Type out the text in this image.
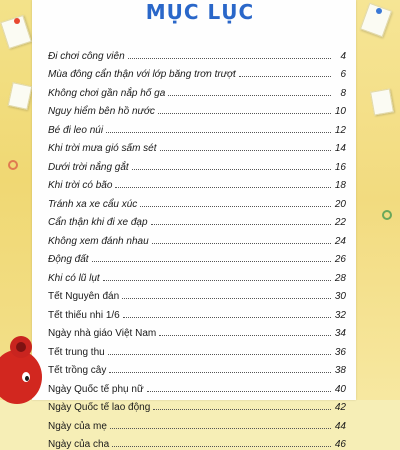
MỤC LỤC
Đi chơi công viên	4
Mùa đông cẩn thận với lớp băng trơn trượt	6
Không chơi gần nắp hố ga	8
Nguy hiểm bên hồ nước	10
Bé đi leo núi	12
Khi trời mưa gió sấm sét	14
Dưới trời nắng gắt	16
Khi trời có bão	18
Tránh xa xe cẩu xúc	20
Cẩn thận khi đi xe đạp	22
Không xem đánh nhau	24
Động đất	26
Khi có lũ lụt	28
Tết Nguyên đán	30
Tết thiếu nhi 1/6	32
Ngày nhà giáo Việt Nam	34
Tết trung thu	36
Tết trồng cây	38
Ngày Quốc tế phụ nữ	40
Ngày Quốc tế lao động	42
Ngày của mẹ	44
Ngày của cha	46
